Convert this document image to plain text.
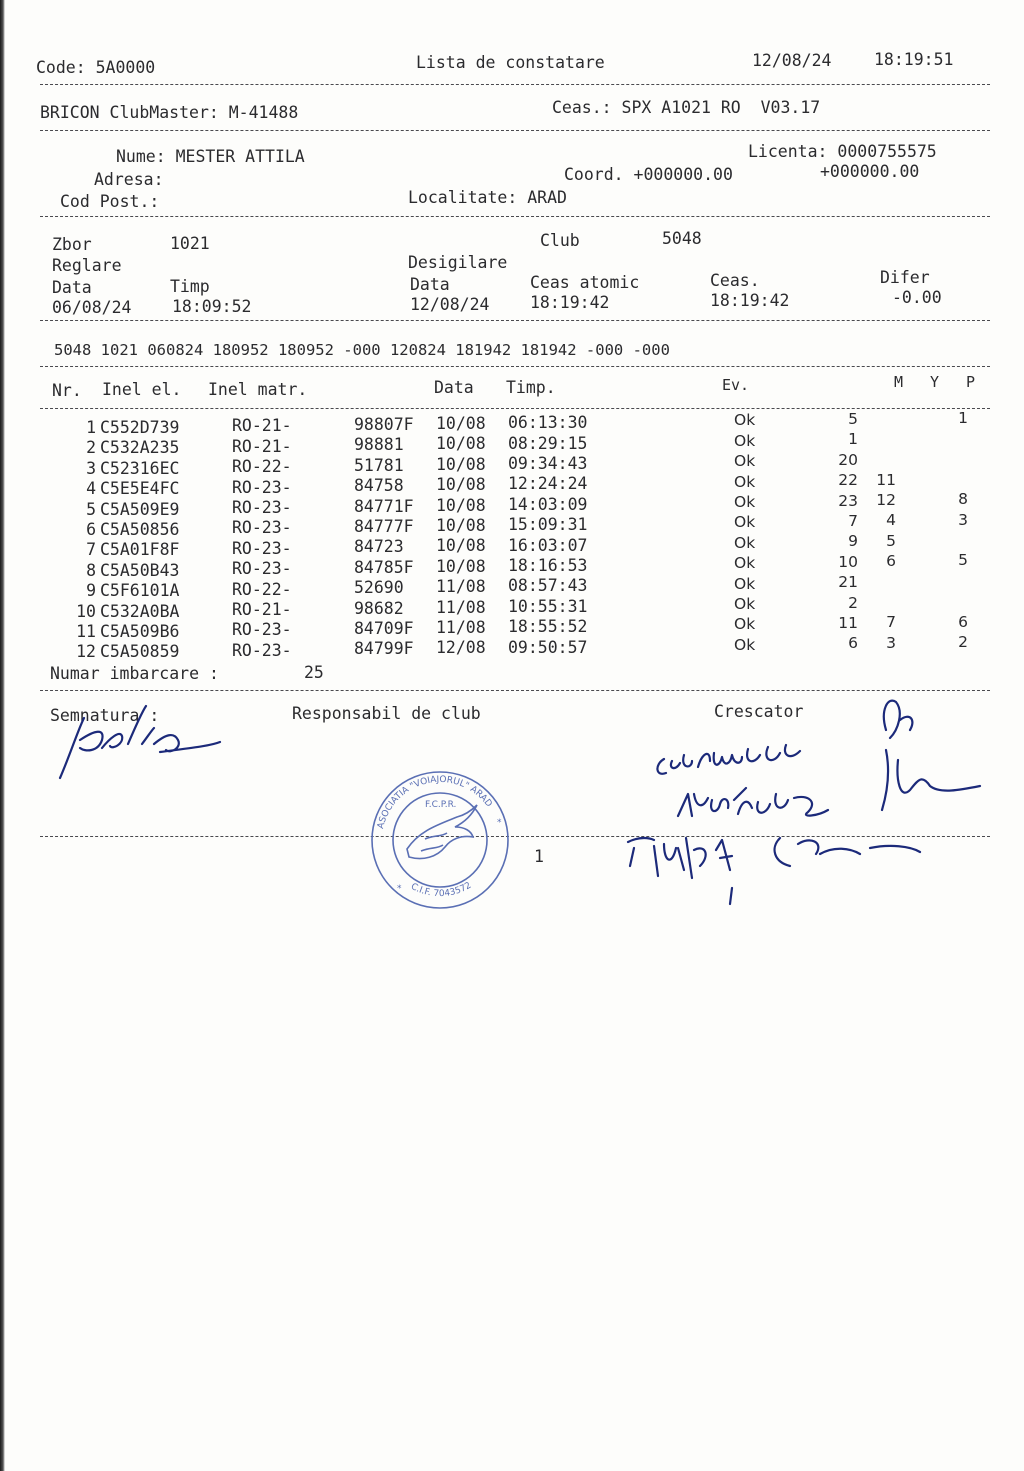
Code: 5A0000	Lista de constatare	12/08/24	18:19:51
BRICON ClubMaster: M-41488	Ceas.: SPX A1021 RO  V03.17
Nume: MESTER ATTILA	Licenta: 0000755575
Adresa:	Coord. +000000.00	+000000.00
Cod Post.:	Localitate: ARAD
Zbor	1021	Club	5048
Reglare	Desigilare
Data	Timp	Data	Ceas atomic	Ceas.	Difer
06/08/24 18:09:52	12/08/24 18:19:42	18:19:42	-0.00
5048 1021 060824 180952 180952 -000 120824 181942 181942 -000 -000
Nr. Inel el. Inel matr.	Data Timp.	Ev.	M Y P
1 C552D739	RO-21-	98807F 10/08 06:13:30	Ok	5	1
2 C532A235	RO-21-	98881 10/08 08:29:15	Ok	1
3 C52316EC	RO-22-	51781 10/08 09:34:43	Ok	20
4 C5E5E4FC	RO-23-	84758 10/08 12:24:24	Ok	22 11
5 C5A509E9	RO-23-	84771F 10/08 14:03:09	Ok	23 12	8
6 C5A50856	RO-23-	84777F 10/08 15:09:31	Ok	7 4	3
7 C5A01F8F	RO-23-	84723 10/08 16:03:07	Ok	9 5
8 C5A50B43	RO-23-	84785F 10/08 18:16:53	Ok	10 6	5
9 C5F6101A	RO-22-	52690 11/08 08:57:43	Ok	21
10 C532A0BA	RO-21-	98682 11/08 10:55:31	Ok	2
11 C5A509B6	RO-23-	84709F 11/08 18:55:52	Ok	11 7	6
12 C5A50859	RO-23-	84799F 12/08 09:50:57	Ok	6 3	2
Numar imbarcare :	25
Semnatura :	Responsabil de club	Crescator
1
ASOCIATIA "VOIAJORUL" ARAD
F.C.P.R.
C.I.F. 7043572
*
*
